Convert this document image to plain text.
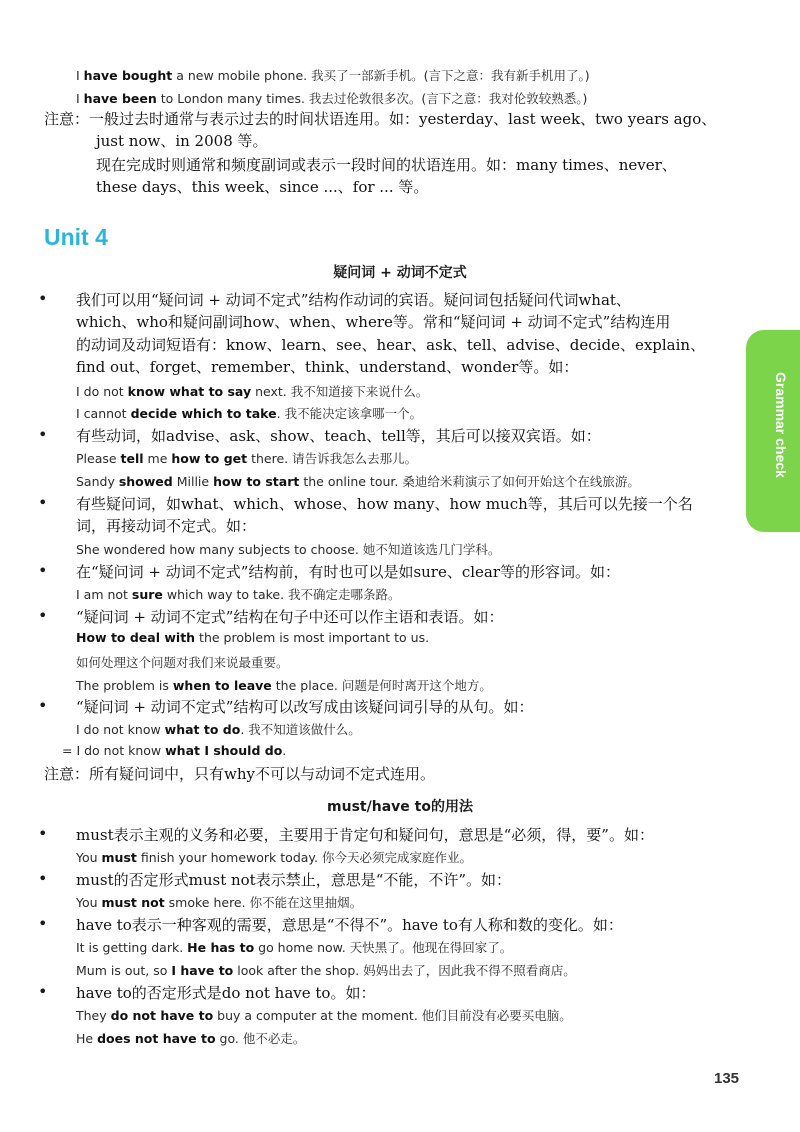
I have bought a new mobile phone. 我买了一部新手机。(言下之意：我有新手机用了。)
I have been to London many times. 我去过伦敦很多次。(言下之意：我对伦敦较熟悉。)
注意：一般过去时通常与表示过去的时间状语连用。如：yesterday、last week、two years ago、
just now、in 2008 等。
现在完成时则通常和频度副词或表示一段时间的状语连用。如：many times、never、
these days、this week、since ...、for ... 等。
Unit 4
疑问词 + 动词不定式
• 我们可以用“疑问词 + 动词不定式”结构作动词的宾语。疑问词包括疑问代词what、
which、who和疑问副词how、when、where等。常和“疑问词 + 动词不定式”结构连用
的动词及动词短语有：know、learn、see、hear、ask、tell、advise、decide、explain、
find out、forget、remember、think、understand、wonder等。如：
I do not know what to say next. 我不知道接下来说什么。
I cannot decide which to take. 我不能决定该拿哪一个。
• 有些动词，如advise、ask、show、teach、tell等，其后可以接双宾语。如：
Please tell me how to get there. 请告诉我怎么去那儿。
Sandy showed Millie how to start the online tour. 桑迪给米莉演示了如何开始这个在线旅游。
• 有些疑问词，如what、which、whose、how many、how much等，其后可以先接一个名
词，再接动词不定式。如：
She wondered how many subjects to choose. 她不知道该选几门学科。
• 在“疑问词 + 动词不定式”结构前，有时也可以是如sure、clear等的形容词。如：
I am not sure which way to take. 我不确定走哪条路。
• “疑问词 + 动词不定式”结构在句子中还可以作主语和表语。如：
How to deal with the problem is most important to us.
如何处理这个问题对我们来说最重要。
The problem is when to leave the place. 问题是何时离开这个地方。
• “疑问词 + 动词不定式”结构可以改写成由该疑问词引导的从句。如：
I do not know what to do. 我不知道该做什么。
= I do not know what I should do.
注意：所有疑问词中，只有why不可以与动词不定式连用。
must/have to的用法
• must表示主观的义务和必要，主要用于肯定句和疑问句，意思是“必须，得，要”。如：
You must finish your homework today. 你今天必须完成家庭作业。
• must的否定形式must not表示禁止，意思是“不能，不许”。如：
You must not smoke here. 你不能在这里抽烟。
• have to表示一种客观的需要，意思是“不得不”。have to有人称和数的变化。如：
It is getting dark. He has to go home now. 天快黑了。他现在得回家了。
Mum is out, so I have to look after the shop. 妈妈出去了，因此我不得不照看商店。
• have to的否定形式是do not have to。如：
They do not have to buy a computer at the moment. 他们目前没有必要买电脑。
He does not have to go. 他不必走。
Grammar check
135
